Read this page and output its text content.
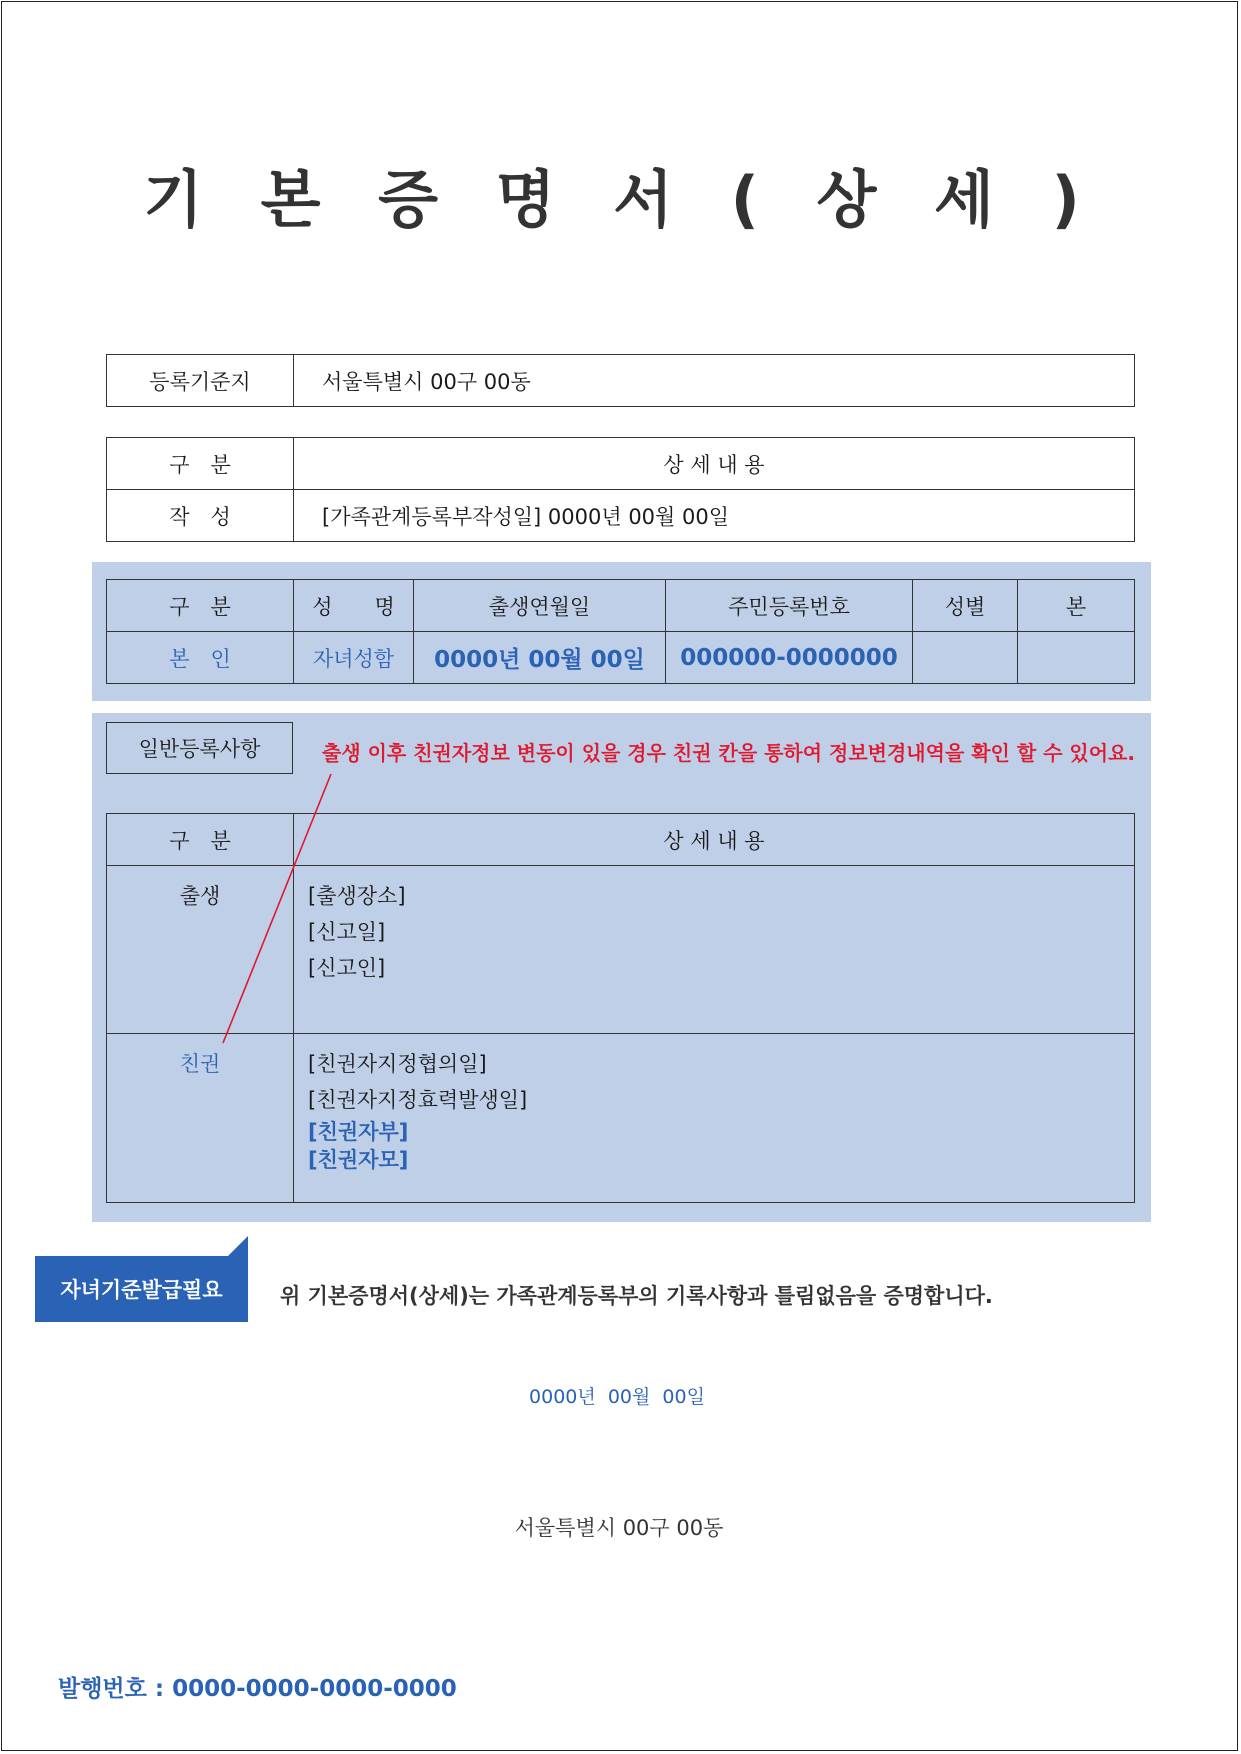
기 본 증 명 서 ( 상 세 )
등록기준지	서울특별시 00구 00동
구　분	상 세 내 용
작　성	[가족관계등록부작성일] 0000년 00월 00일
구　분	성　　명	출생연월일	주민등록번호	성별	본
본　인	자녀성함	0000년 00월 00일	000000-0000000		
일반등록사항	출생 이후 친권자정보 변동이 있을 경우 친권 칸을 통하여 정보변경내역을 확인 할 수 있어요.
구　분	상 세 내 용
출생	[출생장소]
[신고일]
[신고인]

친권	[친권자지정협의일]
[친권자지정효력발생일]
[친권자부]
[친권자모]
자녀기준발급필요	위 기본증명서(상세)는 가족관계등록부의 기록사항과 틀림없음을 증명합니다.
0000년  00월  00일
서울특별시 00구 00동
발행번호 : 0000-0000-0000-0000
